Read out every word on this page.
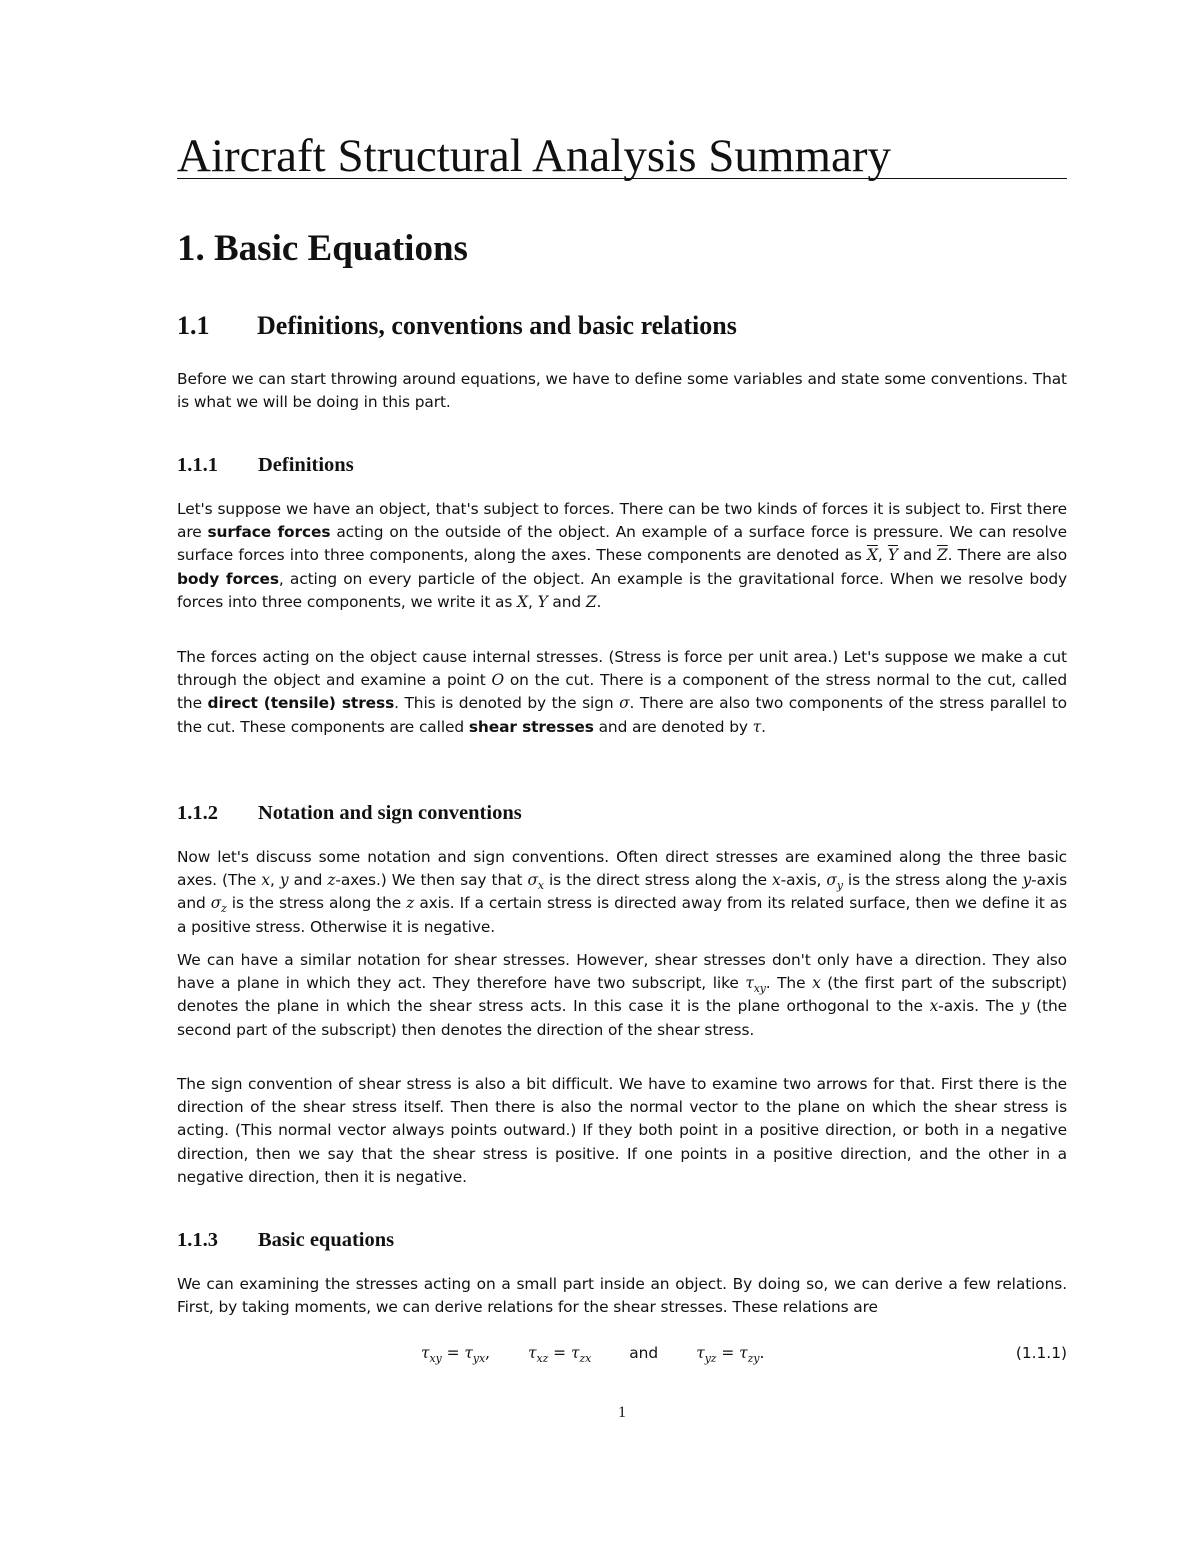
Aircraft Structural Analysis Summary
1. Basic Equations
1.1 Definitions, conventions and basic relations

Before we can start throwing around equations, we have to define some variables and state some conventions. That is what we will be doing in this part.

1.1.1 Definitions

Let's suppose we have an object, that's subject to forces. There can be two kinds of forces it is subject to. First there are surface forces acting on the outside of the object. An example of a surface force is pressure. We can resolve surface forces into three components, along the axes. These components are denoted as $\overline{X}$, $\overline{Y}$ and $\overline{Z}$. There are also body forces, acting on every particle of the object. An example is the gravitational force. When we resolve body forces into three components, we write it as X, Y and Z.

The forces acting on the object cause internal stresses. (Stress is force per unit area.) Let's suppose we make a cut through the object and examine a point O on the cut. There is a component of the stress normal to the cut, called the direct (tensile) stress. This is denoted by the sign σ. There are also two components of the stress parallel to the cut. These components are called shear stresses and are denoted by τ.

1.1.2 Notation and sign conventions

Now let's discuss some notation and sign conventions. Often direct stresses are examined along the three basic axes. (The x, y and z-axes.) We then say that $\sigma_x$ is the direct stress along the x-axis, $\sigma_y$ is the stress along the y-axis and $\sigma_z$ is the stress along the z axis. If a certain stress is directed away from its related surface, then we define it as a positive stress. Otherwise it is negative.

We can have a similar notation for shear stresses. However, shear stresses don't only have a direction. They also have a plane in which they act. They therefore have two subscript, like $\tau_{xy}$. The x (the first part of the subscript) denotes the plane in which the shear stress acts. In this case it is the plane orthogonal to the x-axis. The y (the second part of the subscript) then denotes the direction of the shear stress.

The sign convention of shear stress is also a bit difficult. We have to examine two arrows for that. First there is the direction of the shear stress itself. Then there is also the normal vector to the plane on which the shear stress is acting. (This normal vector always points outward.) If they both point in a positive direction, or both in a negative direction, then we say that the shear stress is positive. If one points in a positive direction, and the other in a negative direction, then it is negative.

1.1.3 Basic equations

We can examining the stresses acting on a small part inside an object. By doing so, we can derive a few relations. First, by taking moments, we can derive relations for the shear stresses. These relations are

$\tau_{xy} = \tau_{yx}$, $\tau_{xz} = \tau_{zx}$ and $\tau_{yz} = \tau_{zy}$.	(1.1.1)
1
